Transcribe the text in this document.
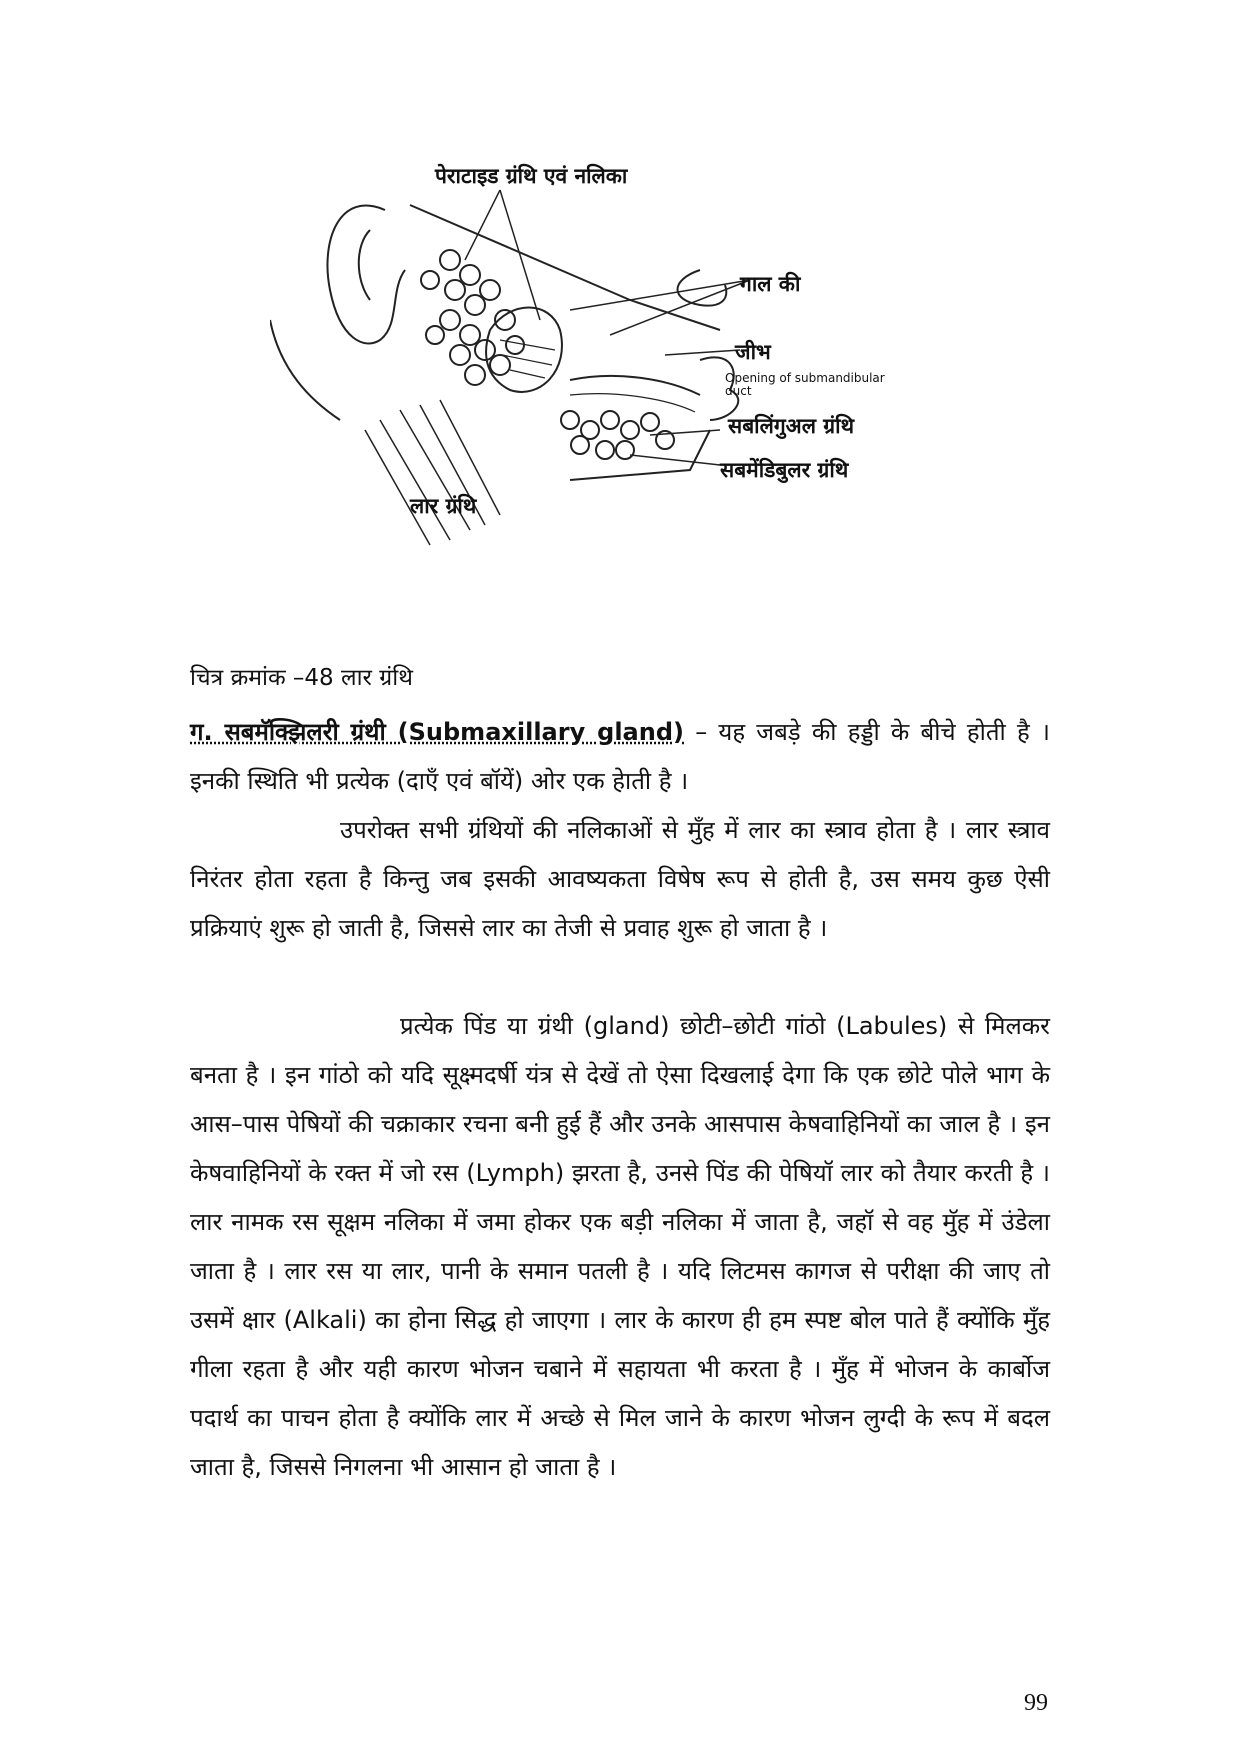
पेराटाइड ग्रंथि एवं नलिका
गाल की
जीभ
Opening of submandibular duct
सबलिंगुअल ग्रंथि
सबमेंडिबुलर ग्रंथि
लार ग्रंथि
चित्र क्रमांक –48 लार ग्रंथि

ग. सबमॅक्झिलरी ग्रंथी (Submaxillary gland) – यह जबड़े की हड्डी के बीचे होती है । इनकी स्थिति भी प्रत्येक (दाएँ एवं बॉयें) ओर एक हेाती है ।

उपरोक्त सभी ग्रंथियों की नलिकाओं से मुँह में लार का स्त्राव होता है । लार स्त्राव निरंतर होता रहता है किन्तु जब इसकी आवष्यकता विषेष रूप से होती है, उस समय कुछ ऐसी प्रक्रियाएं शुरू हो जाती है, जिससे लार का तेजी से प्रवाह शुरू हो जाता है ।

प्रत्येक पिंड या ग्रंथी (gland) छोटी–छोटी गांठो (Labules) से मिलकर बनता है । इन गांठो को यदि सूक्ष्मदर्षी यंत्र से देखें तो ऐसा दिखलाई देगा कि एक छोटे पोले भाग के आस–पास पेषियों की चक्राकार रचना बनी हुई हैं और उनके आसपास केषवाहिनियों का जाल है । इन केषवाहिनियों के रक्त में जो रस (Lymph) झरता है, उनसे पिंड की पेषियॉ लार को तैयार करती है । लार नामक रस सूक्षम नलिका में जमा होकर एक बड़ी नलिका में जाता है, जहॉ से वह मुॅह में उंडेला जाता है । लार रस या लार, पानी के समान पतली है । यदि लिटमस कागज से परीक्षा की जाए तो उसमें क्षार (Alkali) का होना सिद्ध हो जाएगा । लार के कारण ही हम स्पष्ट बोल पाते हैं क्योंकि मुँह गीला रहता है और यही कारण भोजन चबाने में सहायता भी करता है । मुँह में भोजन के कार्बोज पदार्थ का पाचन होता है क्योंकि लार में अच्छे से मिल जाने के कारण भोजन लुग्दी के रूप में बदल जाता है, जिससे निगलना भी आसान हो जाता है ।

99
